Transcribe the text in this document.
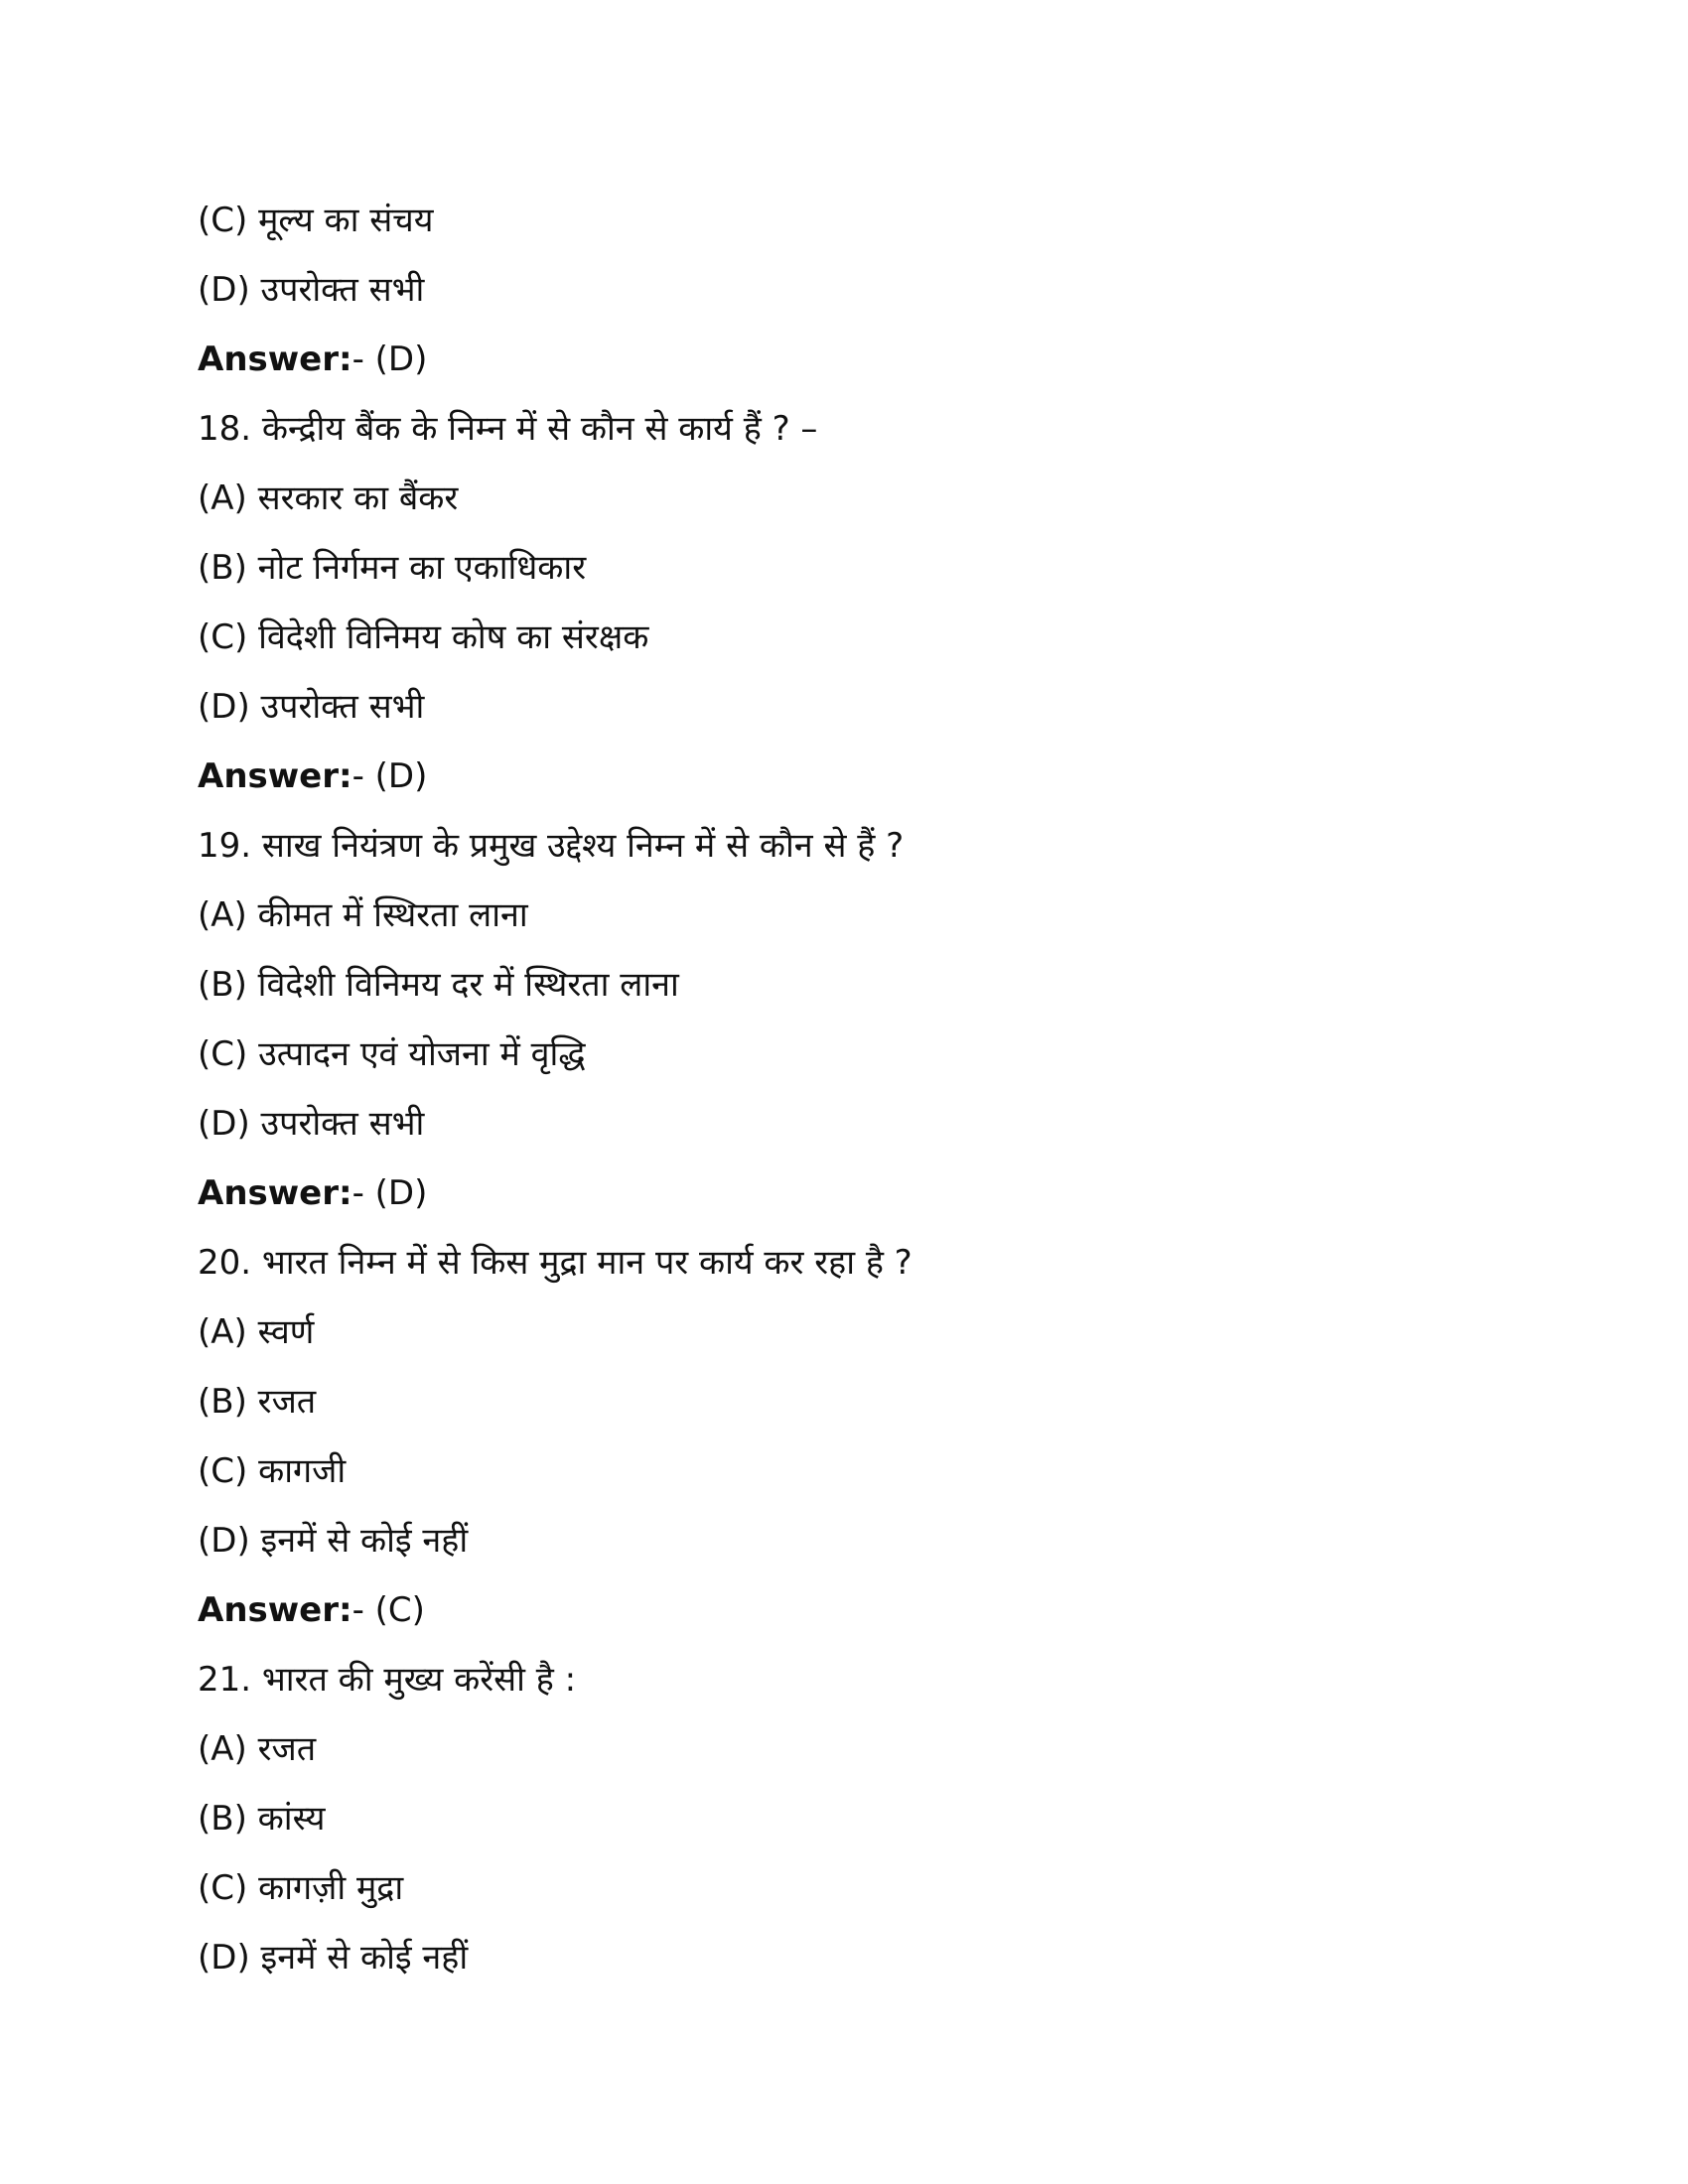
(C) मूल्य का संचय
(D) उपरोक्त सभी
Answer:- (D)
18. केन्द्रीय बैंक के निम्न में से कौन से कार्य हैं ? –
(A) सरकार का बैंकर
(B) नोट निर्गमन का एकाधिकार
(C) विदेशी विनिमय कोष का संरक्षक
(D) उपरोक्त सभी
Answer:- (D)
19. साख नियंत्रण के प्रमुख उद्देश्य निम्न में से कौन से हैं ?
(A) कीमत में स्थिरता लाना
(B) विदेशी विनिमय दर में स्थिरता लाना
(C) उत्पादन एवं योजना में वृद्धि
(D) उपरोक्त सभी
Answer:- (D)
20. भारत निम्न में से किस मुद्रा मान पर कार्य कर रहा है ?
(A) स्वर्ण
(B) रजत
(C) कागजी
(D) इनमें से कोई नहीं
Answer:- (C)
21. भारत की मुख्य करेंसी है :
(A) रजत
(B) कांस्य
(C) कागज़ी मुद्रा
(D) इनमें से कोई नहीं
